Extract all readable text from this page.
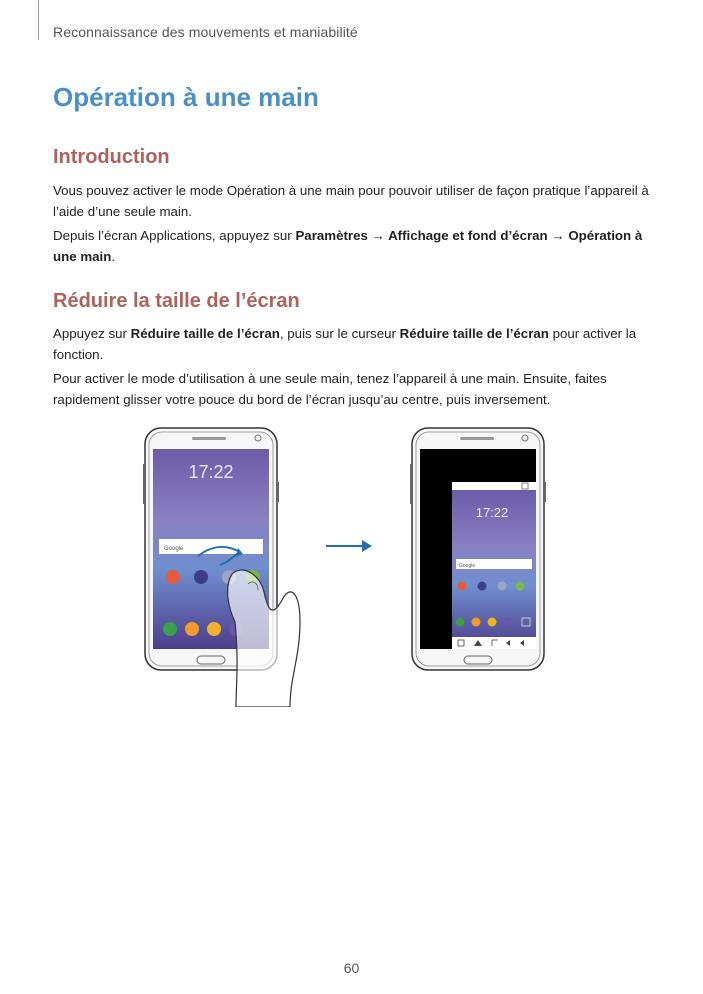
Reconnaissance des mouvements et maniabilité
Opération à une main
Introduction

Vous pouvez activer le mode Opération à une main pour pouvoir utiliser de façon pratique l’appareil à l’aide d’une seule main.

Depuis l’écran Applications, appuyez sur Paramètres → Affichage et fond d’écran → Opération à une main.

Réduire la taille de l’écran

Appuyez sur Réduire taille de l’écran, puis sur le curseur Réduire taille de l’écran pour activer la fonction.

Pour activer le mode d’utilisation à une seule main, tenez l’appareil à une main. Ensuite, faites rapidement glisser votre pouce du bord de l’écran jusqu’au centre, puis inversement.

17:22
Google
17:22
Google
60
